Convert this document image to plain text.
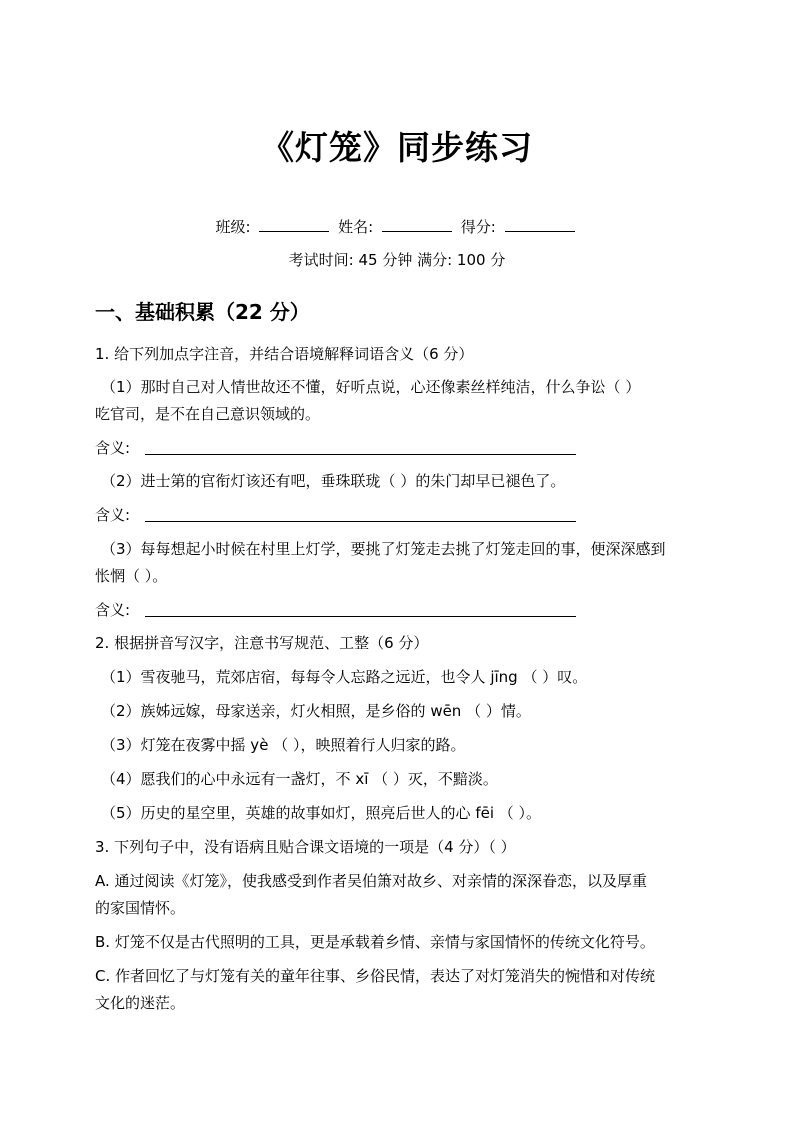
《灯笼》同步练习
班级:	姓名:	得分:
考试时间: 45 分钟 满分: 100 分
一、基础积累（22 分）
1. 给下列加点字注音，并结合语境解释词语含义（6 分）
（1）那时自己对人情世故还不懂，好听点说，心还像素丝样纯洁，什么争讼（ ）
吃官司，是不在自己意识领域的。
含义:
（2）进士第的官衔灯该还有吧，垂珠联珑（ ）的朱门却早已褪色了。
含义:
（3）每每想起小时候在村里上灯学，要挑了灯笼走去挑了灯笼走回的事，便深深感到
怅惘（ ）。
含义:
2. 根据拼音写汉字，注意书写规范、工整（6 分）
（1）雪夜驰马，荒郊店宿，每每令人忘路之远近，也令人 jīng （ ）叹。
（2）族姊远嫁，母家送亲，灯火相照，是乡俗的 wēn （ ）情。
（3）灯笼在夜雾中摇 yè （ ），映照着行人归家的路。
（4）愿我们的心中永远有一盏灯，不 xī （ ）灭，不黯淡。
（5）历史的星空里，英雄的故事如灯，照亮后世人的心 fēi （ ）。
3. 下列句子中，没有语病且贴合课文语境的一项是（4 分）（ ）
A. 通过阅读《灯笼》，使我感受到作者吴伯箫对故乡、对亲情的深深眷恋，以及厚重
的家国情怀。
B. 灯笼不仅是古代照明的工具，更是承载着乡情、亲情与家国情怀的传统文化符号。
C. 作者回忆了与灯笼有关的童年往事、乡俗民情，表达了对灯笼消失的惋惜和对传统
文化的迷茫。
